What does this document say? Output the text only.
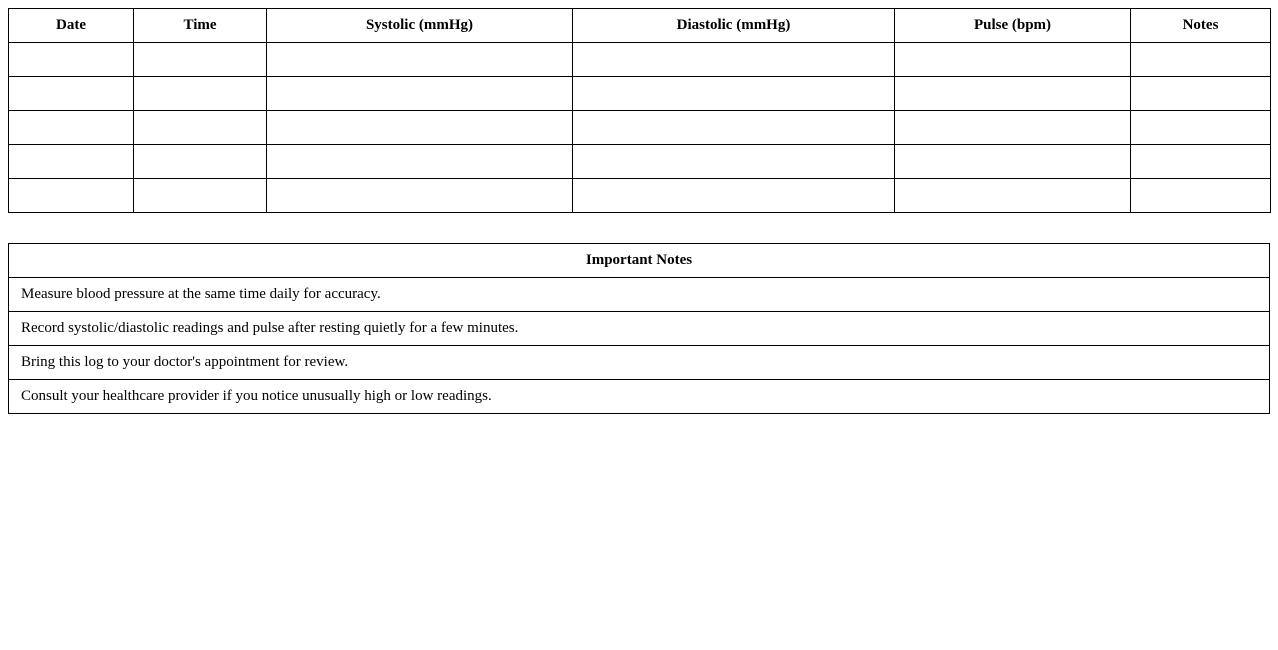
Date	Time	Systolic (mmHg)	Diastolic (mmHg)	Pulse (bpm)	Notes

Important Notes
Measure blood pressure at the same time daily for accuracy.
Record systolic/diastolic readings and pulse after resting quietly for a few minutes.
Bring this log to your doctor's appointment for review.
Consult your healthcare provider if you notice unusually high or low readings.
